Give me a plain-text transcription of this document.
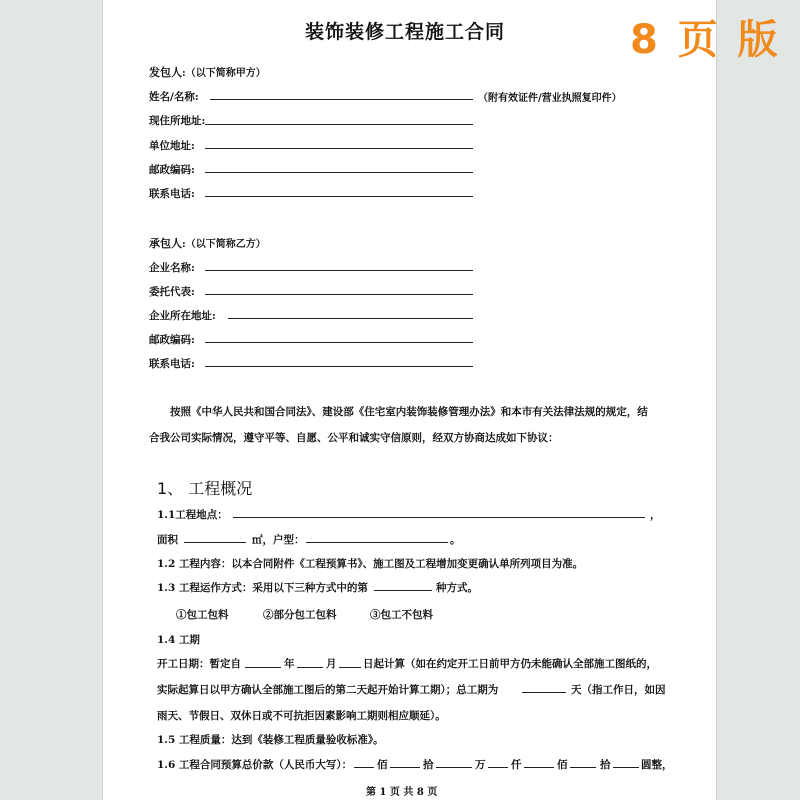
8 页 版
装饰装修工程施工合同
发包人:（以下简称甲方）
姓名/名称:	（附有效证件/营业执照复印件）
现住所地址:
单位地址:
邮政编码:
联系电话:
承包人:（以下简称乙方）
企业名称:
委托代表:
企业所在地址:
邮政编码:
联系电话:
按照《中华人民共和国合同法》、建设部《住宅室内装饰装修管理办法》和本市有关法律法规的规定，结
合我公司实际情况，遵守平等、自愿、公平和诚实守信原则，经双方协商达成如下协议：
1、 工程概况
1.1工程地点：	，
面积	㎡，户型：	。
1.2 工程内容：以本合同附件《工程预算书》、施工图及工程增加变更确认单所列项目为准。
1.3 工程运作方式：采用以下三种方式中的第	种方式。
①包工包料	②部分包工包料	③包工不包料
1.4 工期
开工日期：暂定自	年	月	日起计算（如在约定开工日前甲方仍未能确认全部施工图纸的，
实际起算日以甲方确认全部施工图后的第二天起开始计算工期）；总工期为	天（指工作日，如因
雨天、节假日、双休日或不可抗拒因素影响工期则相应顺延）。
1.5 工程质量：达到《装修工程质量验收标准》。
1.6 工程合同预算总价款（人民币大写）： 佰	拾	万 仟	佰	拾	圆整，
第 1 页 共 8 页
